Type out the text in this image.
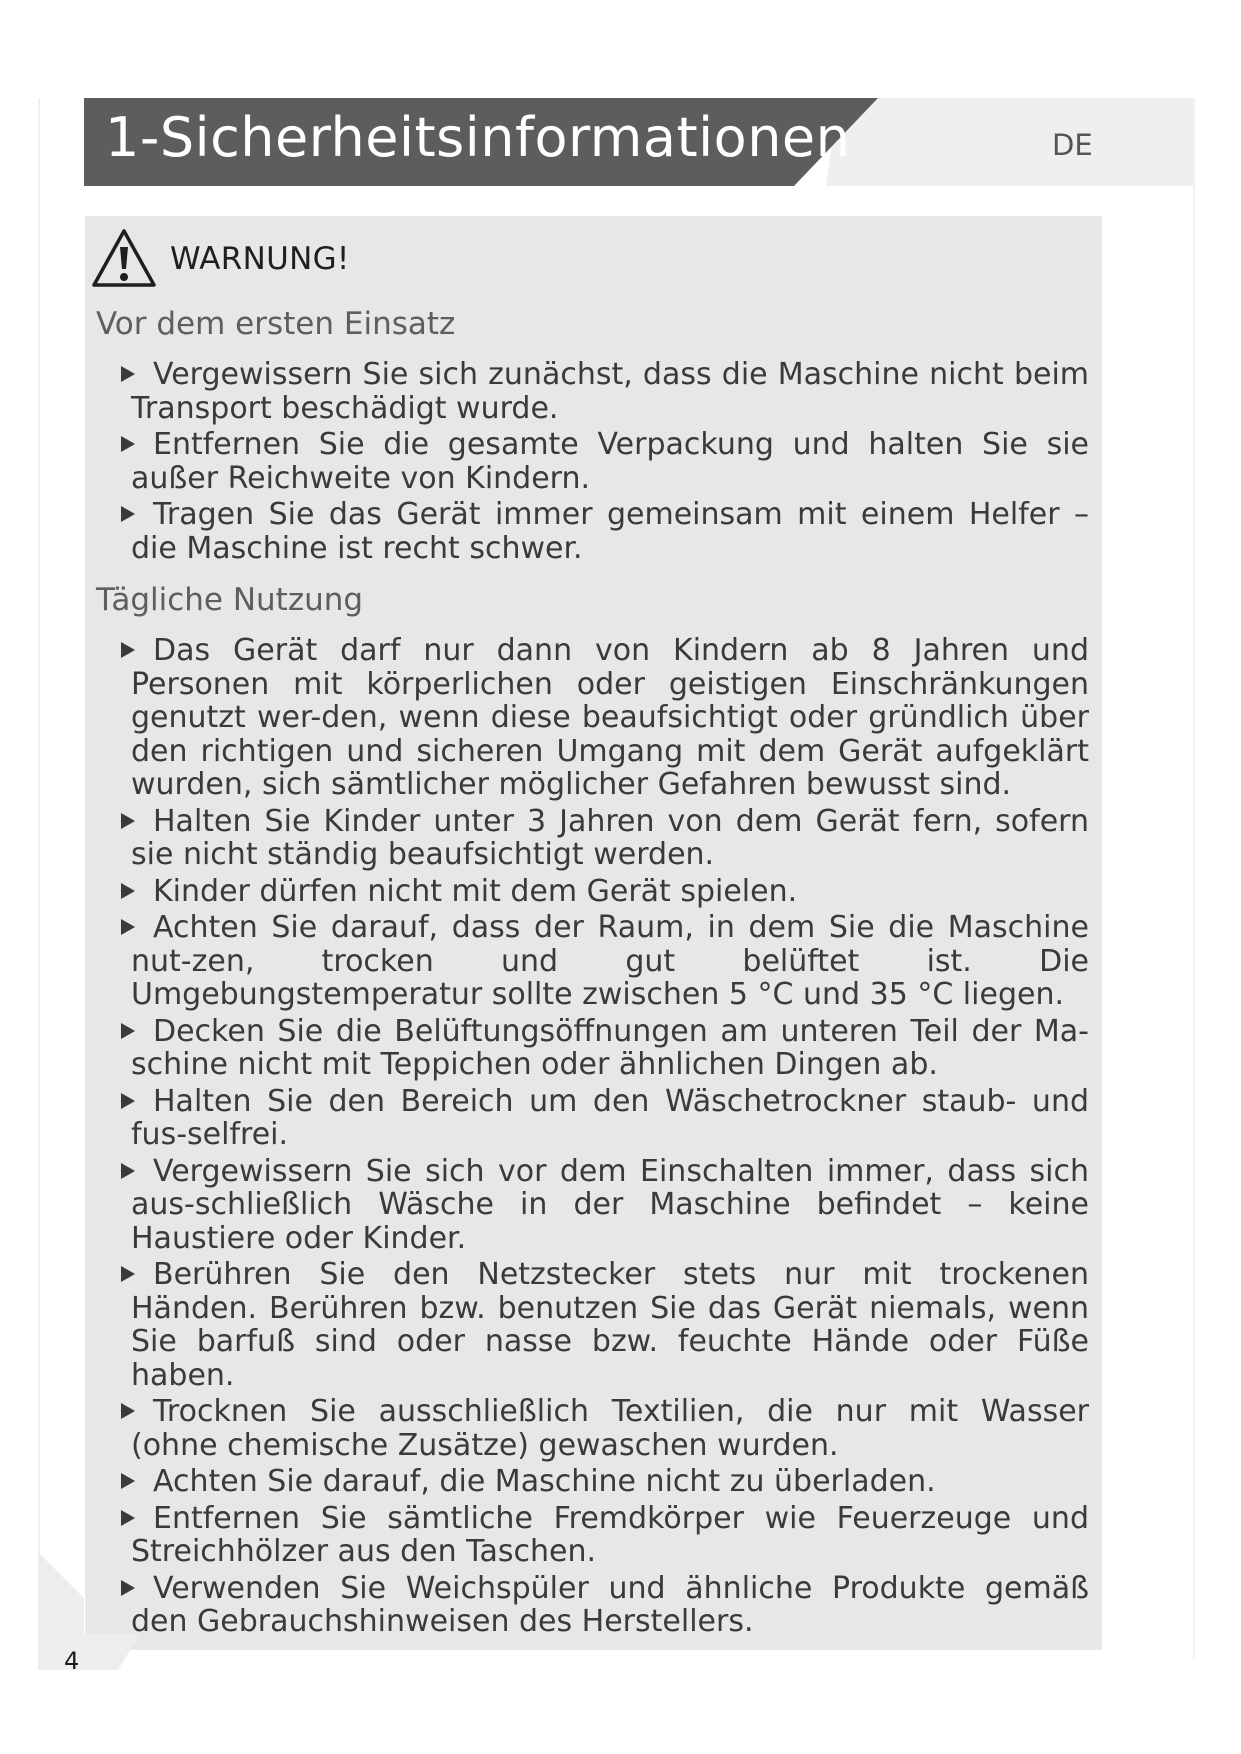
1-Sicherheitsinformationen	DE
WARNUNG!
Vor dem ersten Einsatz
Vergewissern Sie sich zunächst, dass die Maschine nicht beim Transport beschädigt wurde.
Entfernen Sie die gesamte Verpackung und halten Sie sie außer Reichweite von Kindern.
Tragen Sie das Gerät immer gemeinsam mit einem Helfer – die Maschine ist recht schwer.
Tägliche Nutzung
Das Gerät darf nur dann von Kindern ab 8 Jahren und Personen mit körperlichen oder geistigen Einschränkungen genutzt wer-den, wenn diese beaufsichtigt oder gründlich über den richtigen und sicheren Umgang mit dem Gerät aufgeklärt wurden, sich sämtlicher möglicher Gefahren bewusst sind.
Halten Sie Kinder unter 3 Jahren von dem Gerät fern, sofern sie nicht ständig beaufsichtigt werden.
Kinder dürfen nicht mit dem Gerät spielen.
Achten Sie darauf, dass der Raum, in dem Sie die Maschine nut-zen, trocken und gut belüftet ist. Die Umgebungstemperatur sollte zwischen 5 °C und 35 °C liegen.
Decken Sie die Belüftungsöffnungen am unteren Teil der Ma-schine nicht mit Teppichen oder ähnlichen Dingen ab.
Halten Sie den Bereich um den Wäschetrockner staub- und fus-selfrei.
Vergewissern Sie sich vor dem Einschalten immer, dass sich aus-schließlich Wäsche in der Maschine befindet – keine Haustiere oder Kinder.
Berühren Sie den Netzstecker stets nur mit trockenen Händen. Berühren bzw. benutzen Sie das Gerät niemals, wenn Sie barfuß sind oder nasse bzw. feuchte Hände oder Füße haben.
Trocknen Sie ausschließlich Textilien, die nur mit Wasser (ohne chemische Zusätze) gewaschen wurden.
Achten Sie darauf, die Maschine nicht zu überladen.
Entfernen Sie sämtliche Fremdkörper wie Feuerzeuge und Streichhölzer aus den Taschen.
Verwenden Sie Weichspüler und ähnliche Produkte gemäß den Gebrauchshinweisen des Herstellers.
4
